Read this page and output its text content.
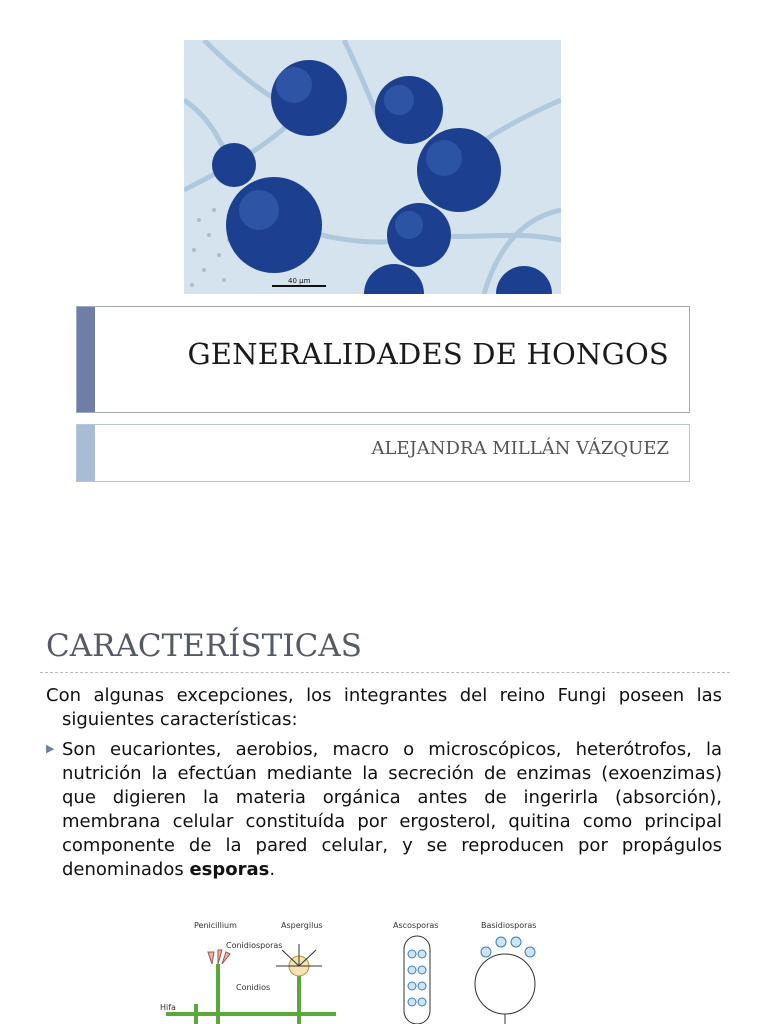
40 µm
GENERALIDADES DE HONGOS
ALEJANDRA MILLÁN VÁZQUEZ
CARACTERÍSTICAS
Con algunas excepciones, los integrantes del reino Fungi poseen las siguientes características:
▶ Son eucariontes, aerobios, macro o microscópicos, heterótrofos, la nutrición la efectúan mediante la secreción de enzimas (exoenzimas) que digieren la materia orgánica antes de ingerirla (absorción), membrana celular constituída por ergosterol, quitina como principal componente de la pared celular, y se reproducen por propágulos denominados esporas.
Penicillium	Aspergilus	Ascosporas	Basidiosporas
Conidiosporas
Conidios
Hifa
